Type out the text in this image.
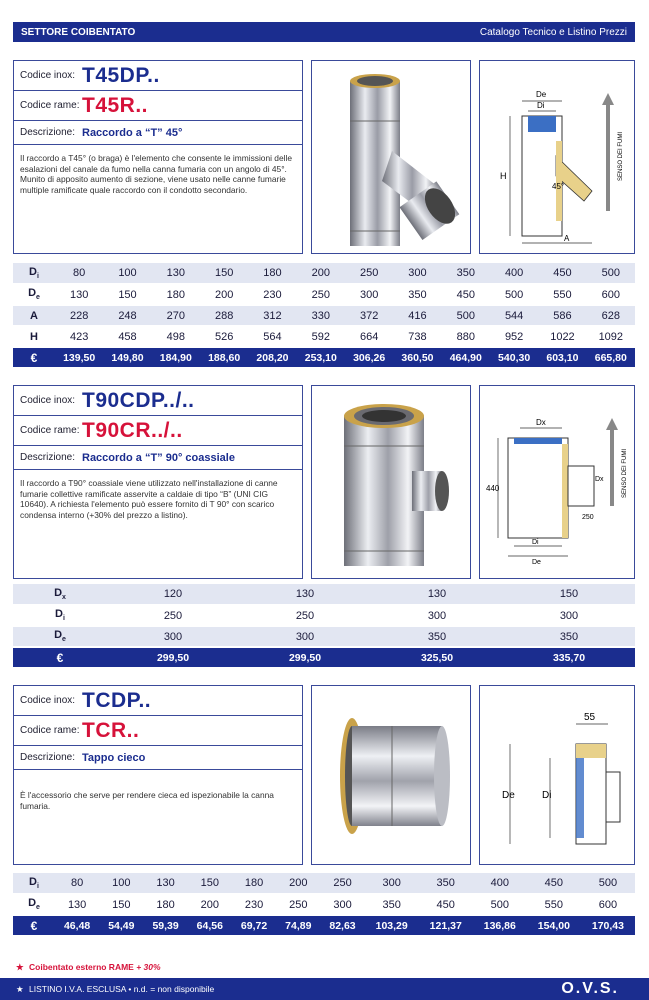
SETTORE COIBENTATO	Catalogo Tecnico e Listino Prezzi
Codice inox: T45DP..
Codice rame: T45R..
Descrizione: Raccordo a “T” 45°
Il raccordo a T45° (o braga) è l'elemento che consente le immissioni delle esalazioni del canale da fumo nella canna fumaria con un angolo di 45°. Munito di apposito aumento di sezione, viene usato nelle canne fumarie multiple ramificate quale raccordo con il condotto secondario.
De
Di
H
45°
A
SENSO DEI FUMI
$D_i$	80	100	130	150	180	200	250	300	350	400	450	500
$D_e$	130	150	180	200	230	250	300	350	450	500	550	600
A	228	248	270	288	312	330	372	416	500	544	586	628
H	423	458	498	526	564	592	664	738	880	952	1022	1092
€	139,50	149,80	184,90	188,60	208,20	253,10	306,26	360,50	464,90	540,30	603,10	665,80
Codice inox: T90CDP../..
Codice rame: T90CR../..
Descrizione: Raccordo a “T” 90° coassiale
Il raccordo a T90° coassiale viene utilizzato nell'installazione di canne fumarie collettive ramificate asservite a caldaie di tipo “B” (UNI CIG 10640). A richiesta l'elemento può essere fornito di T 90° con scarico condensa interno (+30% del prezzo a listino).
Dx
440
Dx
250
Di
De
SENSO DEI FUMI
$D_x$	120	130	130	150
$D_i$	250	250	300	300
$D_e$	300	300	350	350
€	299,50	299,50	325,50	335,70
Codice inox: TCDP..
Codice rame: TCR..
Descrizione: Tappo cieco
È l'accessorio che serve per rendere cieca ed ispezionabile la canna fumaria.
55
De	Di
$D_i$	80	100	130	150	180	200	250	300	350	400	450	500
$D_e$	130	150	180	200	230	250	300	350	450	500	550	600
€	46,48	54,49	59,39	64,56	69,72	74,89	82,63	103,29	121,37	136,86	154,00	170,43
★ Coibentato esterno RAME + 30%
★ LISTINO I.V.A. ESCLUSA • n.d. = non disponibile	O.V.S.
